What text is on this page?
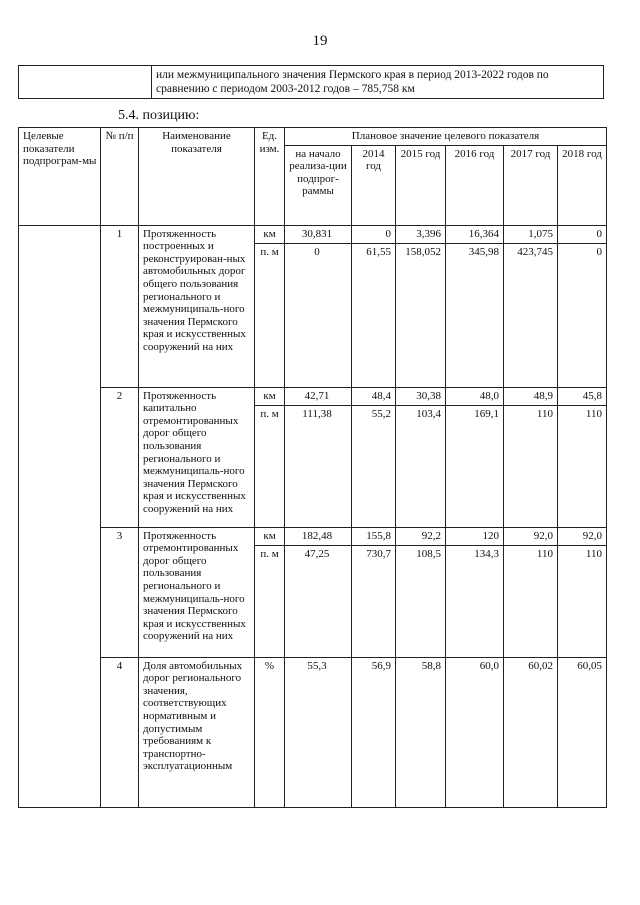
19
	или межмуниципального значения Пермского края в период 2013-2022 годов по сравнению с периодом 2003-2012 годов – 785,758 км
5.4. позицию:
Целевые показатели подпрограм-мы	№ п/п	Наименование показателя	Ед. изм.	Плановое значение целевого показателя					
				на начало реализа-ции подпрог-раммы	2014 год	2015 год	2016 год	2017 год	2018 год
	1	Протяженность построенных и реконструирован-ных автомобильных дорог общего пользования регионального и межмуниципаль-ного значения Пермского края и искусственных сооружений на них	км	30,831	0	3,396	16,364	1,075	0
			п. м	0	61,55	158,052	345,98	423,745	0
	2	Протяженность капитально отремонтированных дорог общего пользования регионального и межмуниципаль-ного значения Пермского края и искусственных сооружений на них	км	42,71	48,4	30,38	48,0	48,9	45,8
			п. м	111,38	55,2	103,4	169,1	110	110
	3	Протяженность отремонтированных дорог общего пользования регионального и межмуниципаль-ного значения Пермского края и искусственных сооружений на них	км	182,48	155,8	92,2	120	92,0	92,0
			п. м	47,25	730,7	108,5	134,3	110	110
	4	Доля автомобильных дорог регионального значения, соответствующих нормативным и допустимым требованиям к транспортно-эксплуатационным	%	55,3	56,9	58,8	60,0	60,02	60,05
